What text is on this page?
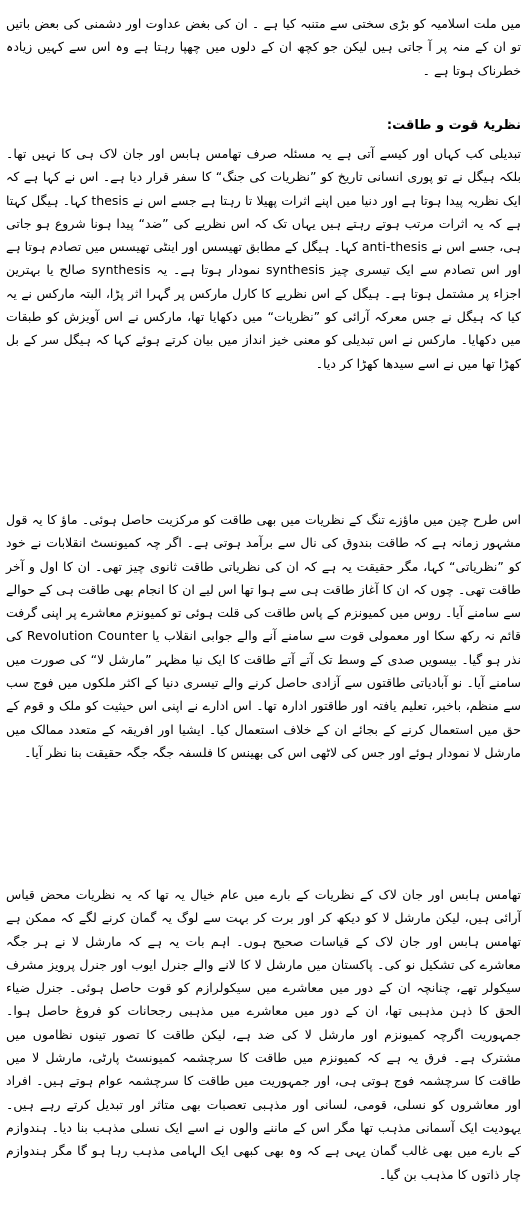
میں ملت اسلامیہ کو بڑی سختی سے متنبہ کیا ہے ۔ ان کی بغض عداوت اور دشمنی کی بعض باتیں تو ان کے منہ پر آ جاتی ہیں لیکن جو کچھ ان کے دلوں میں چھپا رہتا ہے وہ اس سے کہیں زیادہ خطرناک ہوتا ہے ۔

نظریۂ قوت و طاقت:

تبدیلی کب کہاں اور کیسے آتی ہے یہ مسئلہ صرف تھامس ہابس اور جان لاک ہی کا نہیں تھا۔ بلکہ ہیگل نے تو پوری انسانی تاریخ کو ”نظریات کی جنگ“ کا سفر قرار دیا ہے۔ اس نے کہا ہے کہ ایک نظریہ پیدا ہوتا ہے اور دنیا میں اپنے اثرات پھیلا تا رہتا ہے جسے اس نے thesis کہا۔ ہیگل کہتا ہے کہ یہ اثرات مرتب ہوتے رہتے ہیں یہاں تک کہ اس نظریے کی ”ضد“ پیدا ہونا شروع ہو جاتی ہی، جسے اس نے anti-thesis کہا۔ ہیگل کے مطابق تھیسس اور اینٹی تھیسس میں تصادم ہوتا ہے اور اس تصادم سے ایک تیسری چیز synthesis نمودار ہوتا ہے۔ یہ synthesis صالح یا بہترین اجزاء پر مشتمل ہوتا ہے۔ ہیگل کے اس نظریے کا کارل مارکس پر گہرا اثر پڑا، البتہ مارکس نے یہ کیا کہ ہیگل نے جس معرکہ آرائی کو ”نظریات“ میں دکھایا تھا، مارکس نے اس آویزش کو طبقات میں دکھایا۔ مارکس نے اس تبدیلی کو معنی خیز انداز میں بیان کرتے ہوئے کہا کہ ہیگل سر کے بل کھڑا تھا میں نے اسے سیدھا کھڑا کر دیا۔

اس طرح چین میں ماؤزے تنگ کے نظریات میں بھی طاقت کو مرکزیت حاصل ہوئی۔ ماؤ کا یہ قول مشہور زمانہ ہے کہ طاقت بندوق کی نال سے برآمد ہوتی ہے۔ اگر چہ کمیونسٹ انقلابات نے خود کو ”نظریاتی“ کہا، مگر حقیقت یہ ہے کہ ان کی نظریاتی طاقت ثانوی چیز تھی۔ ان کا اول و آخر طاقت تھی۔ چوں کہ ان کا آغاز طاقت ہی سے ہوا تھا اس لیے ان کا انجام بھی طاقت ہی کے حوالے سے سامنے آیا۔ روس میں کمیونزم کے پاس طاقت کی قلت ہوئی تو کمیونزم معاشرے پر اپنی گرفت قائم نہ رکھ سکا اور معمولی قوت سے سامنے آنے والے جوابی انقلاب یا Revolution Counter کی نذر ہو گیا۔ بیسویں صدی کے وسط تک آتے آتے طاقت کا ایک نیا مظہر ”مارشل لا“ کی صورت میں سامنے آیا۔ نو آبادیاتی طاقتوں سے آزادی حاصل کرنے والے تیسری دنیا کے اکثر ملکوں میں فوج سب سے منظم، باخبر، تعلیم یافتہ اور طاقتور ادارہ تھا۔ اس ادارے نے اپنی اس حیثیت کو ملک و قوم کے حق میں استعمال کرنے کے بجائے ان کے خلاف استعمال کیا۔ ایشیا اور افریقہ کے متعدد ممالک میں مارشل لا نمودار ہوئے اور جس کی لاٹھی اس کی بھینس کا فلسفہ جگہ جگہ حقیقت بنا نظر آیا۔

تھامس ہابس اور جان لاک کے نظریات کے بارے میں عام خیال یہ تھا کہ یہ نظریات محض قیاس آرائی ہیں، لیکن مارشل لا کو دیکھ کر اور برت کر بہت سے لوگ یہ گمان کرنے لگے کہ ممکن ہے تھامس ہابس اور جان لاک کے قیاسات صحیح ہوں۔ اہم بات یہ ہے کہ مارشل لا نے ہر جگہ معاشرے کی تشکیل نو کی۔ پاکستان میں مارشل لا کا لانے والے جنرل ایوب اور جنرل پرویز مشرف سیکولر تھے، چنانچہ ان کے دور میں معاشرے میں سیکولرازم کو قوت حاصل ہوئی۔ جنرل ضیاء الحق کا ذہن مذہبی تھا، ان کے دور میں معاشرے میں مذہبی رجحانات کو فروغ حاصل ہوا۔ جمہوریت اگرچہ کمیونزم اور مارشل لا کی ضد ہے، لیکن طاقت کا تصور تینوں نظاموں میں مشترک ہے۔ فرق یہ ہے کہ کمیونزم میں طاقت کا سرچشمہ کمیونسٹ پارٹی، مارشل لا میں طاقت کا سرچشمہ فوج ہوتی ہی، اور جمہوریت میں طاقت کا سرچشمہ عوام ہوتے ہیں۔ افراد اور معاشروں کو نسلی، قومی، لسانی اور مذہبی تعصبات بھی متاثر اور تبدیل کرتے رہے ہیں۔ یہودیت ایک آسمانی مذہب تھا مگر اس کے ماننے والوں نے اسے ایک نسلی مذہب بنا دیا۔ ہندوازم کے بارے میں بھی غالب گمان یہی ہے کہ وہ بھی کبھی ایک الہامی مذہب رہا ہو گا مگر ہندوازم چار ذاتوں کا مذہب بن گیا۔
